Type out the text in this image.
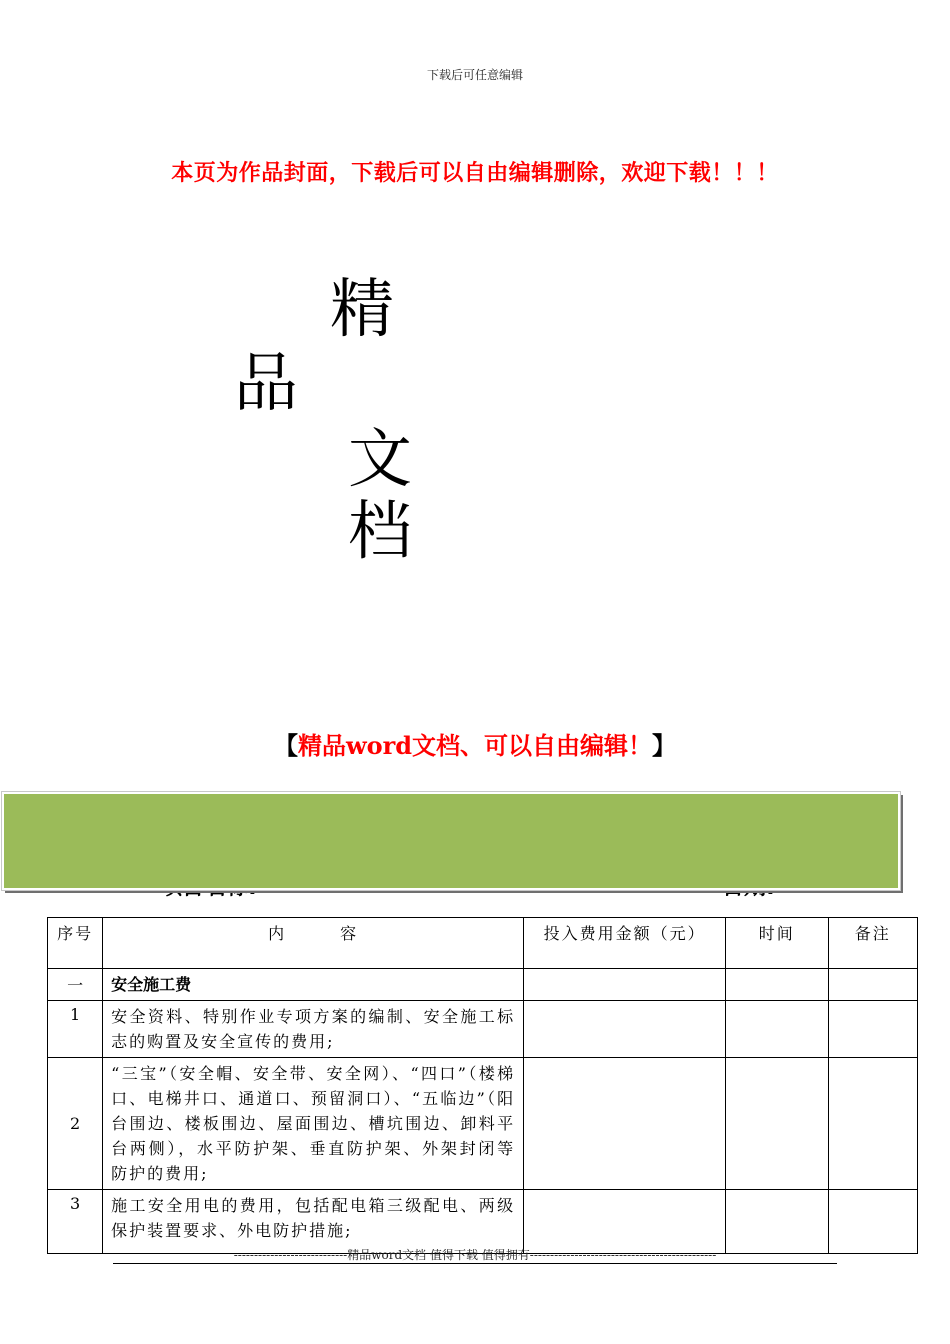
下载后可任意编辑
本页为作品封面，下载后可以自由编辑删除，欢迎下载！！！
精
品
文
档
【精品word文档、可以自由编辑！】
序号	内　　　容	投入费用金额（元）	时间	备注
一	安全施工费			
1	安全资料、特别作业专项方案的编制、安全施工标志的购置及安全宣传的费用;			
2	“三宝”（安全帽、安全带、安全网）、“四口”（楼梯口、电梯井口、通道口、预留洞口）、“五临边”（阳台围边、楼板围边、屋面围边、槽坑围边、卸料平台两侧），水平防护架、垂直防护架、外架封闭等防护的费用;			
3	施工安全用电的费用，包括配电箱三级配电、两级保护装置要求、外电防护措施;			
----------------------------精品word文档 值得下载 值得拥有----------------------------------------------
